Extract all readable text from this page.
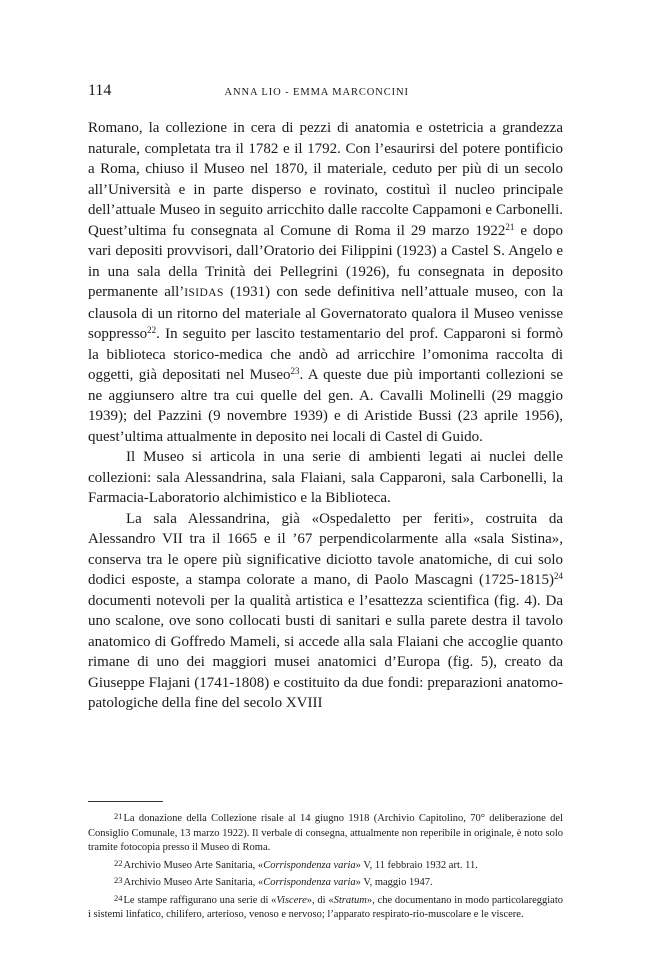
114	ANNA LIO - EMMA MARCONCINI

Romano, la collezione in cera di pezzi di anatomia e ostetricia a grandezza naturale, completata tra il 1782 e il 1792. Con l’esaurirsi del potere pontificio a Roma, chiuso il Museo nel 1870, il materiale, ceduto per più di un secolo all’Università e in parte disperso e rovinato, costituì il nucleo principale dell’attuale Museo in seguito arricchito dalle raccolte Cappamoni e Carbonelli. Quest’ultima fu consegnata al Comune di Roma il 29 marzo 1922$^{21}$ e dopo vari depositi provvisori, dall’Oratorio dei Filippini (1923) a Castel S. Angelo e in una sala della Trinità dei Pellegrini (1926), fu consegnata in deposito permanente all’ISIDAS (1931) con sede definitiva nell’attuale museo, con la clausola di un ritorno del materiale al Governatorato qualora il Museo venisse soppresso$^{22}$. In seguito per lascito testamentario del prof. Capparoni si formò la biblioteca storico-medica che andò ad arricchire l’omonima raccolta di oggetti, già depositati nel Museo$^{23}$. A queste due più importanti collezioni se ne aggiunsero altre tra cui quelle del gen. A. Cavalli Molinelli (29 maggio 1939); del Pazzini (9 novembre 1939) e di Aristide Bussi (23 aprile 1956), quest’ultima attualmente in deposito nei locali di Castel di Guido.

Il Museo si articola in una serie di ambienti legati ai nuclei delle collezioni: sala Alessandrina, sala Flaiani, sala Capparoni, sala Carbonelli, la Farmacia-Laboratorio alchimistico e la Biblioteca.

La sala Alessandrina, già «Ospedaletto per feriti», costruita da Alessandro VII tra il 1665 e il ’67 perpendicolarmente alla «sala Sistina», conserva tra le opere più significative diciotto tavole anatomiche, di cui solo dodici esposte, a stampa colorate a mano, di Paolo Mascagni (1725-1815)$^{24}$ documenti notevoli per la qualità artistica e l’esattezza scientifica (fig. 4). Da uno scalone, ove sono collocati busti di sanitari e sulla parete destra il tavolo anatomico di Goffredo Mameli, si accede alla sala Flaiani che accoglie quanto rimane di uno dei maggiori musei anatomici d’Europa (fig. 5), creato da Giuseppe Flajani (1741-1808) e costituito da due fondi: preparazioni anatomo-patologiche della fine del secolo XVIII

21La donazione della Collezione risale al 14 giugno 1918 (Archivio Capitolino, 70° deliberazione del Consiglio Comunale, 13 marzo 1922). Il verbale di consegna, attualmente non reperibile in originale, è noto solo tramite fotocopia presso il Museo di Roma.

22Archivio Museo Arte Sanitaria, «Corrispondenza varia» V, 11 febbraio 1932 art. 11.

23Archivio Museo Arte Sanitaria, «Corrispondenza varia» V, maggio 1947.

24Le stampe raffigurano una serie di «Viscere», di «Stratum», che documentano in modo particolareggiato i sistemi linfatico, chilifero, arterioso, venoso e nervoso; l’apparato respirato-rio-muscolare e le viscere.
